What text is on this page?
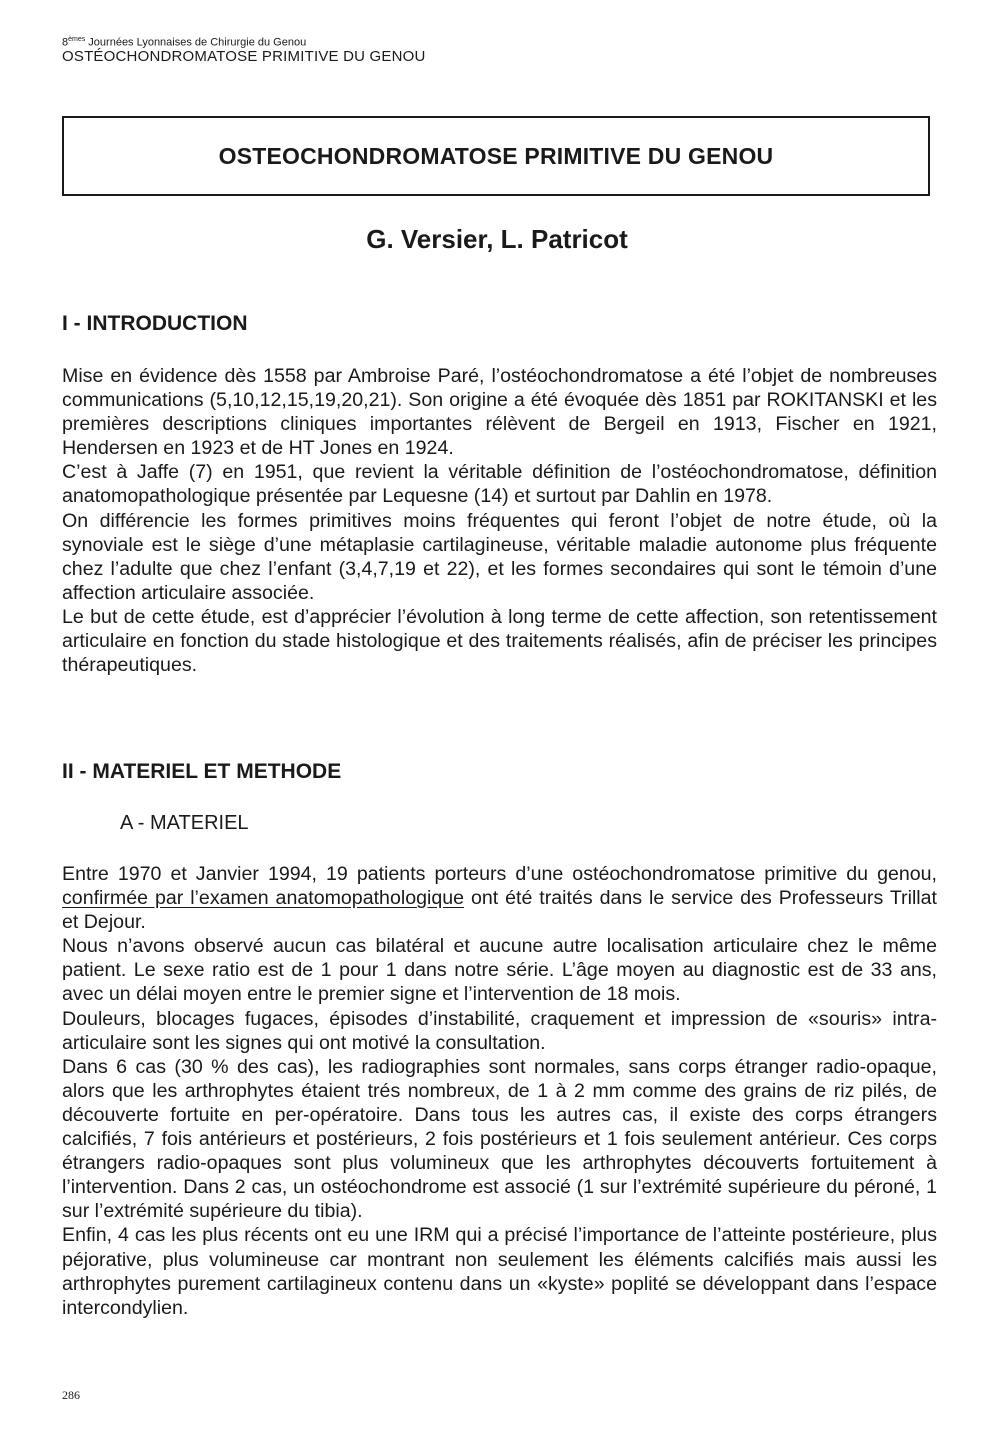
8èmes Journées Lyonnaises de Chirurgie du Genou
OSTÉOCHONDROMATOSE PRIMITIVE DU GENOU
OSTEOCHONDROMATOSE PRIMITIVE DU GENOU
G. Versier, L. Patricot
I - INTRODUCTION

Mise en évidence dès 1558 par Ambroise Paré, l’ostéochondromatose a été l’objet de nombreuses communications (5,10,12,15,19,20,21). Son origine a été évoquée dès 1851 par ROKITANSKI et les premières descriptions cliniques importantes rélèvent de Bergeil en 1913, Fischer en 1921, Hendersen en 1923 et de HT Jones en 1924.

C’est à Jaffe (7) en 1951, que revient la véritable définition de l’ostéochondromatose, définition anatomopathologique présentée par Lequesne (14) et surtout par Dahlin en 1978.

On différencie les formes primitives moins fréquentes qui feront l’objet de notre étude, où la synoviale est le siège d’une métaplasie cartilagineuse, véritable maladie autonome plus fréquente chez l’adulte que chez l’enfant (3,4,7,19 et 22), et les formes secondaires qui sont le témoin d’une affection articulaire associée.

Le but de cette étude, est d’apprécier l’évolution à long terme de cette affection, son retentissement articulaire en fonction du stade histologique et des traitements réalisés, afin de préciser les principes thérapeutiques.

II - MATERIEL ET METHODE
A - MATERIEL

Entre 1970 et Janvier 1994, 19 patients porteurs d’une ostéochondromatose primitive du genou, confirmée par l’examen anatomopathologique ont été traités dans le service des Professeurs Trillat et Dejour.

Nous n’avons observé aucun cas bilatéral et aucune autre localisation articulaire chez le même patient. Le sexe ratio est de 1 pour 1 dans notre série. L’âge moyen au diagnostic est de 33 ans, avec un délai moyen entre le premier signe et l’intervention de 18 mois.

Douleurs, blocages fugaces, épisodes d’instabilité, craquement et impression de «souris» intra-articulaire sont les signes qui ont motivé la consultation.

Dans 6 cas (30 % des cas), les radiographies sont normales, sans corps étranger radio-opaque, alors que les arthrophytes étaient trés nombreux, de 1 à 2 mm comme des grains de riz pilés, de découverte fortuite en per-opératoire. Dans tous les autres cas, il existe des corps étrangers calcifiés, 7 fois antérieurs et postérieurs, 2 fois postérieurs et 1 fois seulement antérieur. Ces corps étrangers radio-opaques sont plus volumineux que les arthrophytes découverts fortuitement à l’intervention. Dans 2 cas, un ostéochondrome est associé (1 sur l’extrémité supérieure du péroné, 1 sur l’extrémité supérieure du tibia).

Enfin, 4 cas les plus récents ont eu une IRM qui a précisé l’importance de l’atteinte postérieure, plus péjorative, plus volumineuse car montrant non seulement les éléments calcifiés mais aussi les arthrophytes purement cartilagineux contenu dans un «kyste» poplité se développant dans l’espace intercondylien.

286
